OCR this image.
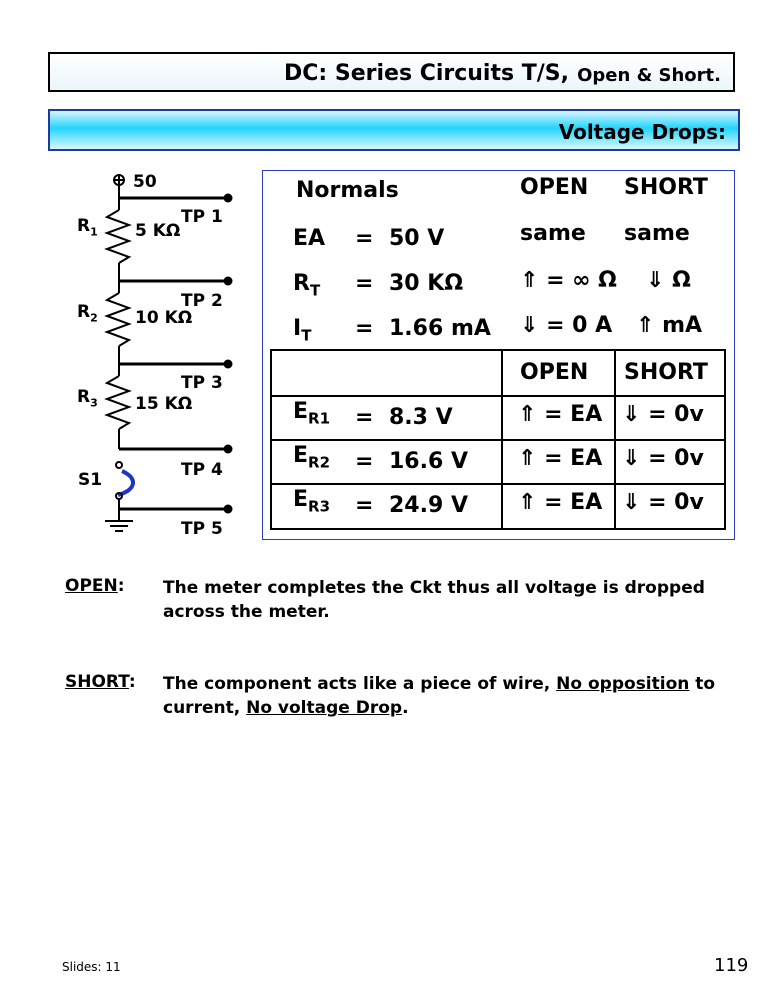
DC: Series Circuits T/S, Open & Short.
Voltage Drops:
50
$R_1$ 5 KΩ
$R_2$ 10 KΩ
$R_3$ 15 KΩ
S1
TP 1
TP 2
TP 3
TP 4
TP 5
Normals	OPEN SHORT
EA = 50 V	same same
$R_T = 30$ KΩ	⇑ = ∞ Ω ⇓ Ω
$I_T = 1.66$ mA ⇓ = 0 A ⇑ mA
OPEN SHORT
$E_{R1} = 8.3$ V	⇑ = EA ⇓ = 0v
$E_{R2} = 16.6$ V ⇑ = EA ⇓ = 0v
$E_{R3} = 24.9$ V ⇑ = EA ⇓ = 0v
OPEN: The meter completes the Ckt thus all voltage is dropped across the meter.
SHORT: The component acts like a piece of wire, No opposition to current, No voltage Drop.
Slides: 11	119
